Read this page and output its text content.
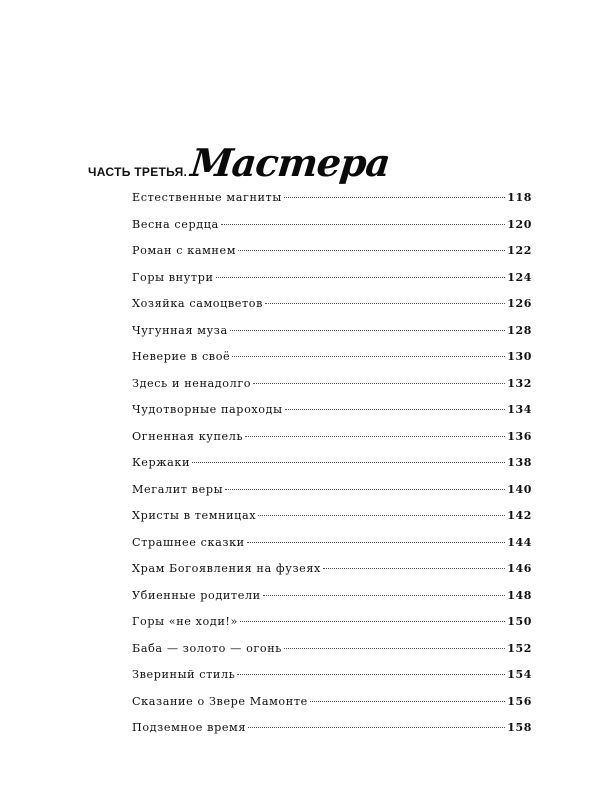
ЧАСТЬ ТРЕТЬЯ. Мастера
Естественные магниты	118
Весна сердца	120
Роман с камнем	122
Горы внутри	124
Хозяйка самоцветов	126
Чугунная муза	128
Неверие в своё	130
Здесь и ненадолго	132
Чудотворные пароходы	134
Огненная купель	136
Кержаки	138
Мегалит веры	140
Христы в темницах	142
Страшнее сказки	144
Храм Богоявления на фузеях	146
Убиенные родители	148
Горы «не ходи!»	150
Баба — золото — огонь	152
Звериный стиль	154
Сказание о Звере Мамонте	156
Подземное время	158
